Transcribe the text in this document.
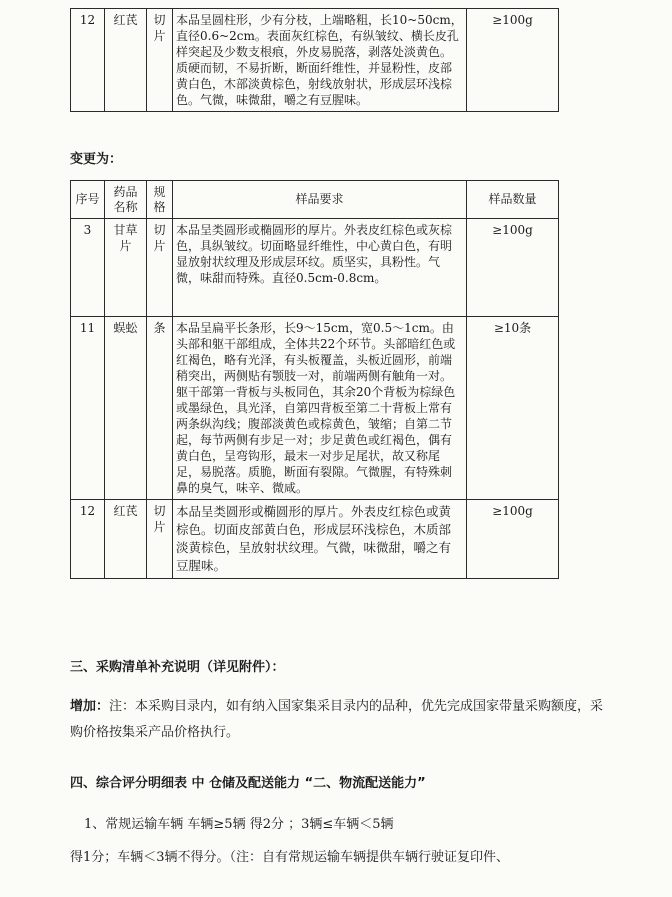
12	红芪	切片	本品呈圆柱形，少有分枝，上端略粗，长10~50cm，直径0.6~2cm。表面灰红棕色，有纵皱纹、横长皮孔样突起及少数支根痕，外皮易脱落，剥落处淡黄色。质硬而韧，不易折断，断面纤维性，并显粉性，皮部黄白色，木部淡黄棕色，射线放射状，形成层环浅棕色。气微，味微甜，嚼之有豆腥味。	≥100g
变更为：
序号	药品名称	规格	样品要求	样品数量
3	甘草片	切片	本品呈类圆形或椭圆形的厚片。外表皮红棕色或灰棕色，具纵皱纹。切面略显纤维性，中心黄白色，有明显放射状纹理及形成层环纹。质坚实，具粉性。气微，味甜而特殊。直径0.5cm-0.8cm。	≥100g
11	蜈蚣	条	本品呈扁平长条形，长9～15cm，宽0.5～1cm。由头部和躯干部组成，全体共22个环节。头部暗红色或红褐色，略有光泽，有头板覆盖，头板近圆形，前端稍突出，两侧贴有颚肢一对，前端两侧有触角一对。躯干部第一背板与头板同色，其余20个背板为棕绿色或墨绿色，具光泽，自第四背板至第二十背板上常有两条纵沟线；腹部淡黄色或棕黄色，皱缩；自第二节起，每节两侧有步足一对；步足黄色或红褐色，偶有黄白色，呈弯钩形，最末一对步足尾状，故又称尾足，易脱落。质脆，断面有裂隙。气微腥，有特殊刺鼻的臭气，味辛、微咸。	≥10条
12	红芪	切片	本品呈类圆形或椭圆形的厚片。外表皮红棕色或黄棕色。切面皮部黄白色，形成层环浅棕色，木质部淡黄棕色，呈放射状纹理。气微，味微甜，嚼之有豆腥味。	≥100g
三、采购清单补充说明（详见附件）：
增加：注：本采购目录内，如有纳入国家集采目录内的品种，优先完成国家带量采购额度，采购价格按集采产品价格执行。
四、综合评分明细表 中 仓储及配送能力 “二、物流配送能力”
1、常规运输车辆 车辆≥5辆 得2分 ；3辆≤车辆＜5辆
得1分；车辆＜3辆不得分。（注：自有常规运输车辆提供车辆行驶证复印件、
